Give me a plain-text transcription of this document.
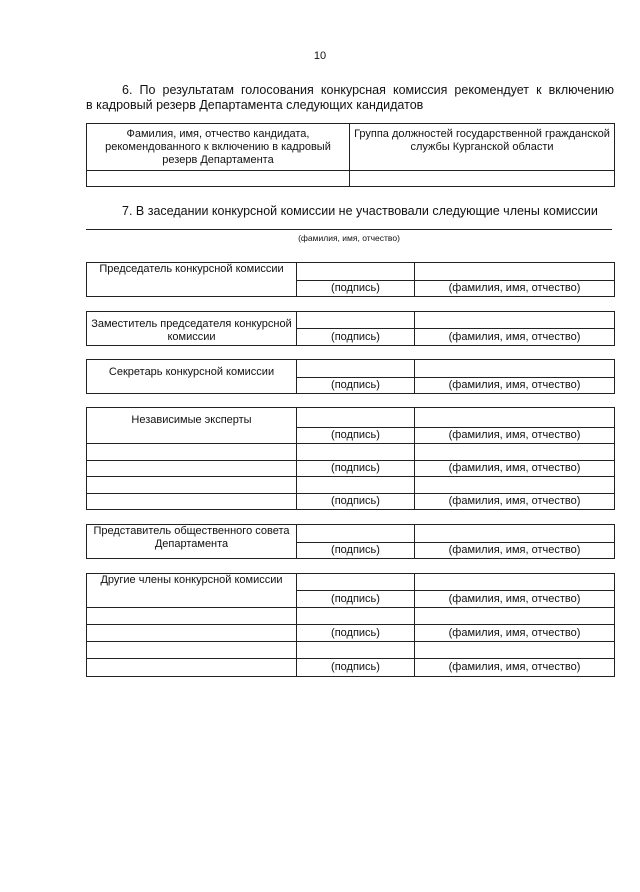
10
6. По результатам голосования конкурсная комиссия рекомендует к включению
в кадровый резерв Департамента следующих кандидатов
Фамилия, имя, отчество кандидата, рекомендованного к включению в кадровый резерв Департамента	Группа должностей государственной гражданской службы Курганской области

7. В заседании конкурсной комиссии не участвовали следующие члены комиссии
(фамилия, имя, отчество)
Председатель конкурсной комиссии		
	(подпись)	(фамилия, имя, отчество)
Заместитель председателя конкурсной комиссии		
	(подпись)	(фамилия, имя, отчество)
Секретарь конкурсной комиссии		
	(подпись)	(фамилия, имя, отчество)
Независимые эксперты		
	(подпись)	(фамилия, имя, отчество)

	(подпись)	(фамилия, имя, отчество)

	(подпись)	(фамилия, имя, отчество)
Представитель общественного совета Департамента		
	(подпись)	(фамилия, имя, отчество)
Другие члены конкурсной комиссии		
	(подпись)	(фамилия, имя, отчество)

	(подпись)	(фамилия, имя, отчество)

	(подпись)	(фамилия, имя, отчество)
